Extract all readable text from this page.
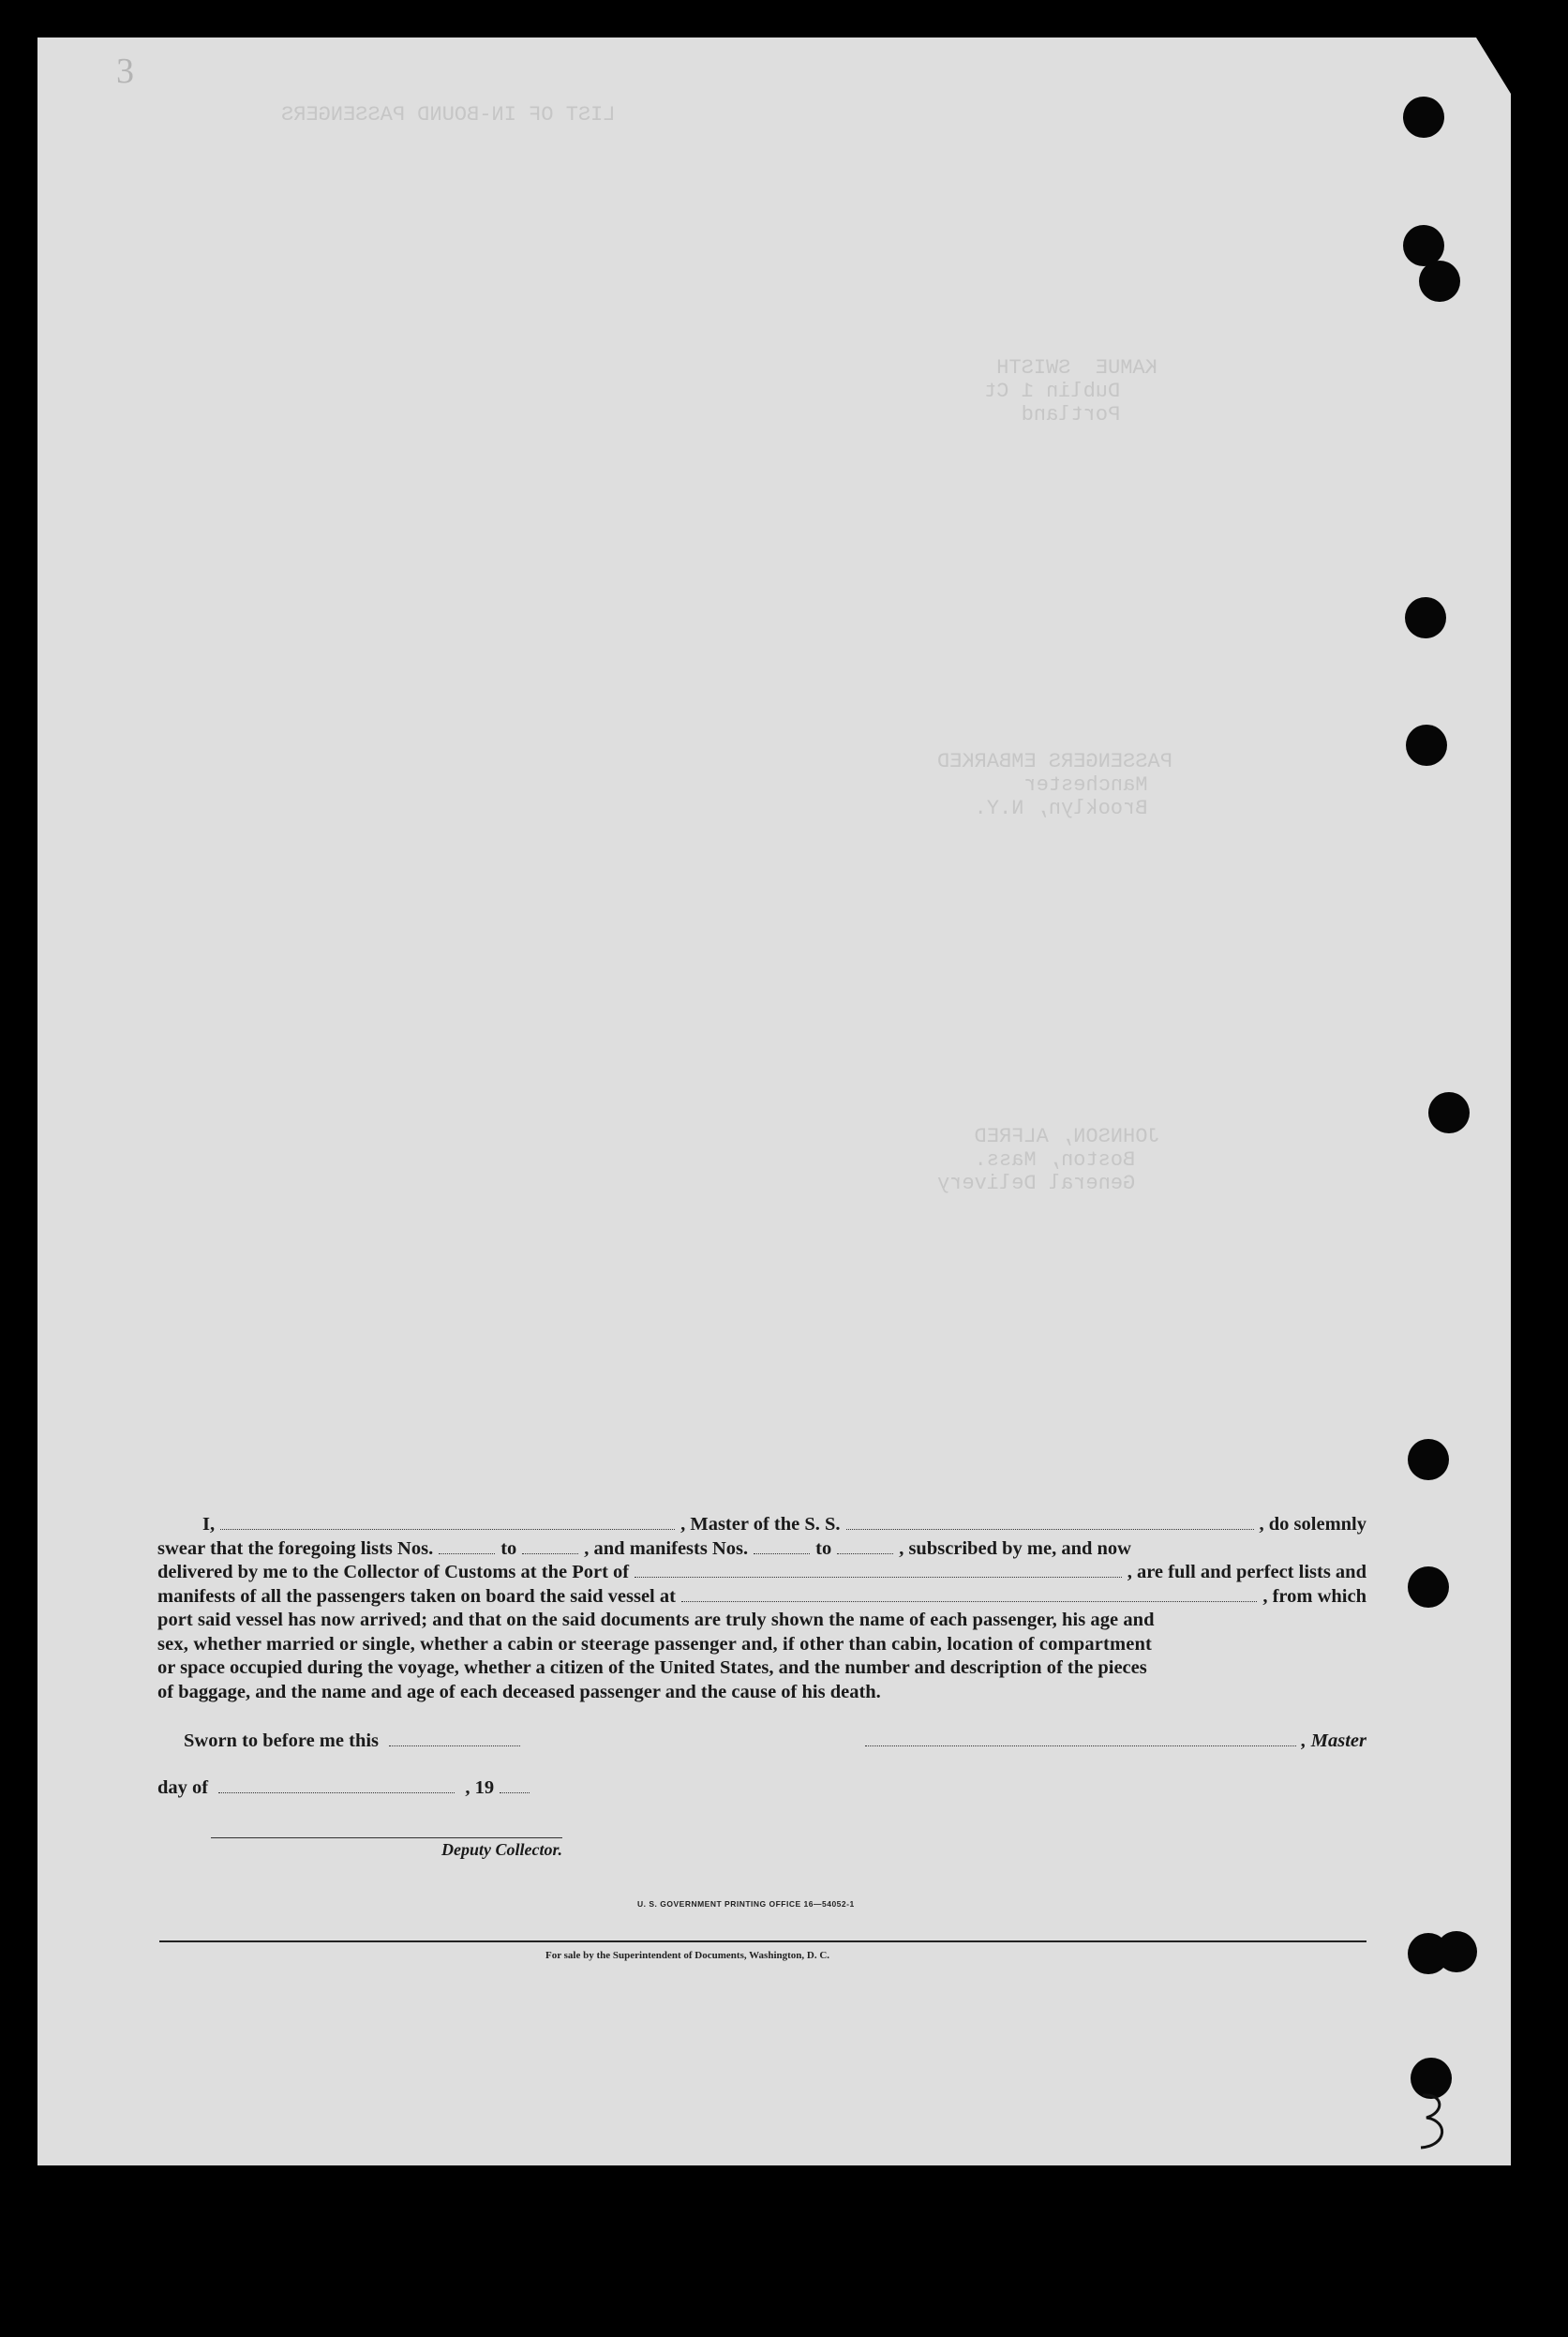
LIST OF IN-BOUND PASSENGERS
KAMUE  SWISTH
Dublin 1 Ct
Portland

PASSENGERS EMBARKED
Manchester
Brooklyn, N.Y.

JOHNSON, ALFRED
Boston, Mass.
General Delivery

3
I,	, Master of the S. S.	, do solemnly
swear that the foregoing lists Nos.	to	, and manifests Nos.	to	, subscribed by me, and now
delivered by me to the Collector of Customs at the Port of	, are full and perfect lists and
manifests of all the passengers taken on board the said vessel at	, from which
port said vessel has now arrived; and that on the said documents are truly shown the name of each passenger, his age and
sex, whether married or single, whether a cabin or steerage passenger and, if other than cabin, location of compartment
or space occupied during the voyage, whether a citizen of the United States, and the number and description of the pieces
of baggage, and the name and age of each deceased passenger and the cause of his death.
Sworn to before me this	, Master
day of	, 19
Deputy Collector.
U. S. GOVERNMENT PRINTING OFFICE 16—54052-1
For sale by the Superintendent of Documents, Washington, D. C.
